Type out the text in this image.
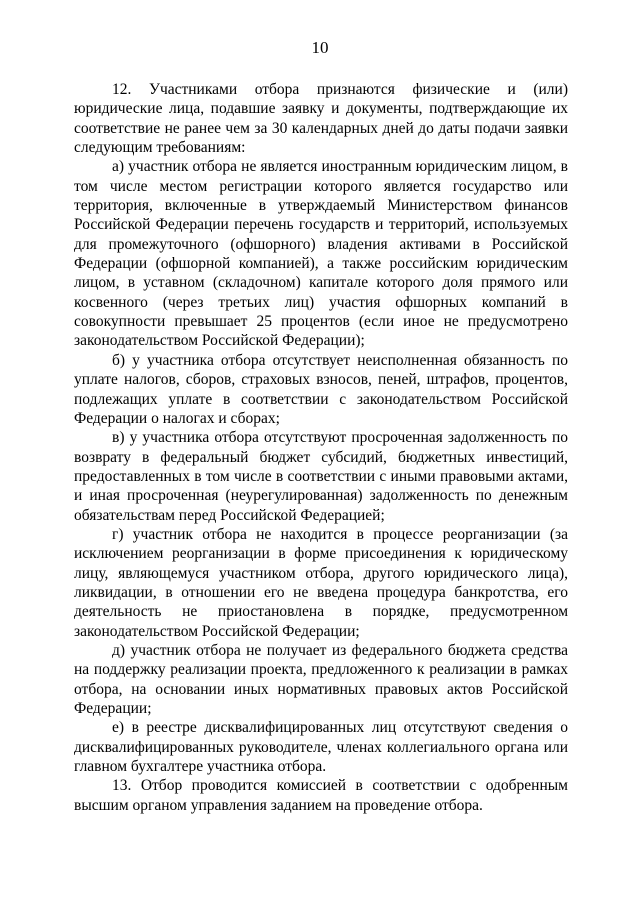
10

12. Участниками отбора признаются физические и (или) юридические лица, подавшие заявку и документы, подтверждающие их соответствие не ранее чем за 30 календарных дней до даты подачи заявки следующим требованиям:

а) участник отбора не является иностранным юридическим лицом, в том числе местом регистрации которого является государство или территория, включенные в утверждаемый Министерством финансов Российской Федерации перечень государств и территорий, используемых для промежуточного (офшорного) владения активами в Российской Федерации (офшорной компанией), а также российским юридическим лицом, в уставном (складочном) капитале которого доля прямого или косвенного (через третьих лиц) участия офшорных компаний в совокупности превышает 25 процентов (если иное не предусмотрено законодательством Российской Федерации);

б) у участника отбора отсутствует неисполненная обязанность по уплате налогов, сборов, страховых взносов, пеней, штрафов, процентов, подлежащих уплате в соответствии с законодательством Российской Федерации о налогах и сборах;

в) у участника отбора отсутствуют просроченная задолженность по возврату в федеральный бюджет субсидий, бюджетных инвестиций, предоставленных в том числе в соответствии с иными правовыми актами, и иная просроченная (неурегулированная) задолженность по денежным обязательствам перед Российской Федерацией;

г) участник отбора не находится в процессе реорганизации (за исключением реорганизации в форме присоединения к юридическому лицу, являющемуся участником отбора, другого юридического лица), ликвидации, в отношении его не введена процедура банкротства, его деятельность не приостановлена в порядке, предусмотренном законодательством Российской Федерации;

д) участник отбора не получает из федерального бюджета средства на поддержку реализации проекта, предложенного к реализации в рамках отбора, на основании иных нормативных правовых актов Российской Федерации;

е) в реестре дисквалифицированных лиц отсутствуют сведения о дисквалифицированных руководителе, членах коллегиального органа или главном бухгалтере участника отбора.

13. Отбор проводится комиссией в соответствии с одобренным высшим органом управления заданием на проведение отбора.
